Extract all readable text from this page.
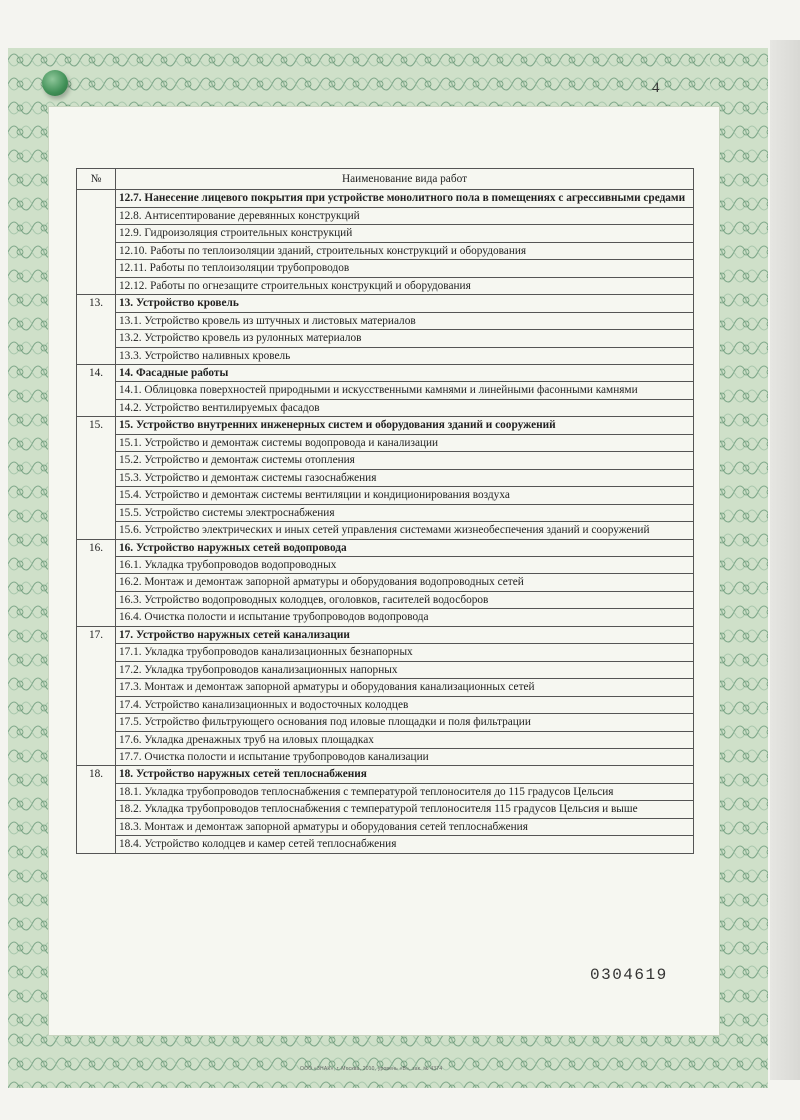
4
№	Наименование вида работ
	12.7. Нанесение лицевого покрытия при устройстве монолитного пола в помещениях с агрессивными средами
	12.8. Антисептирование деревянных конструкций
	12.9. Гидроизоляция строительных конструкций
	12.10. Работы по теплоизоляции зданий, строительных конструкций и оборудования
	12.11. Работы по теплоизоляции трубопроводов
	12.12. Работы по огнезащите строительных конструкций и оборудования
13.	13. Устройство кровель
	13.1. Устройство кровель из штучных и листовых материалов
	13.2. Устройство кровель из рулонных материалов
	13.3. Устройство наливных кровель
14.	14. Фасадные работы
	14.1. Облицовка поверхностей природными и искусственными камнями и линейными фасонными камнями
	14.2. Устройство вентилируемых фасадов
15.	15. Устройство внутренних инженерных систем и оборудования зданий и сооружений
	15.1. Устройство и демонтаж системы водопровода и канализации
	15.2. Устройство и демонтаж системы отопления
	15.3. Устройство и демонтаж системы газоснабжения
	15.4. Устройство и демонтаж системы вентиляции и кондиционирования воздуха
	15.5. Устройство системы электроснабжения
	15.6. Устройство электрических и иных сетей управления системами жизнеобеспечения зданий и сооружений
16.	16. Устройство наружных сетей водопровода
	16.1. Укладка трубопроводов водопроводных
	16.2. Монтаж и демонтаж запорной арматуры и оборудования водопроводных сетей
	16.3. Устройство водопроводных колодцев, оголовков, гасителей водосборов
	16.4. Очистка полости и испытание трубопроводов водопровода
17.	17. Устройство наружных сетей канализации
	17.1. Укладка трубопроводов канализационных безнапорных
	17.2. Укладка трубопроводов канализационных напорных
	17.3. Монтаж и демонтаж запорной арматуры и оборудования канализационных сетей
	17.4. Устройство канализационных и водосточных колодцев
	17.5. Устройство фильтрующего основания под иловые площадки и поля фильтрации
	17.6. Укладка дренажных труб на иловых площадках
	17.7. Очистка полости и испытание трубопроводов канализации
18.	18. Устройство наружных сетей теплоснабжения
	18.1. Укладка трубопроводов теплоснабжения с температурой теплоносителя до 115 градусов Цельсия
	18.2. Укладка трубопроводов теплоснабжения с температурой теплоносителя 115 градусов Цельсия и выше
	18.3. Монтаж и демонтаж запорной арматуры и оборудования сетей теплоснабжения
	18.4. Устройство колодцев и камер сетей теплоснабжения
0304619
ООО «ЗНАК», г. Москва, 2010, уровень «В», зак. № 4374
